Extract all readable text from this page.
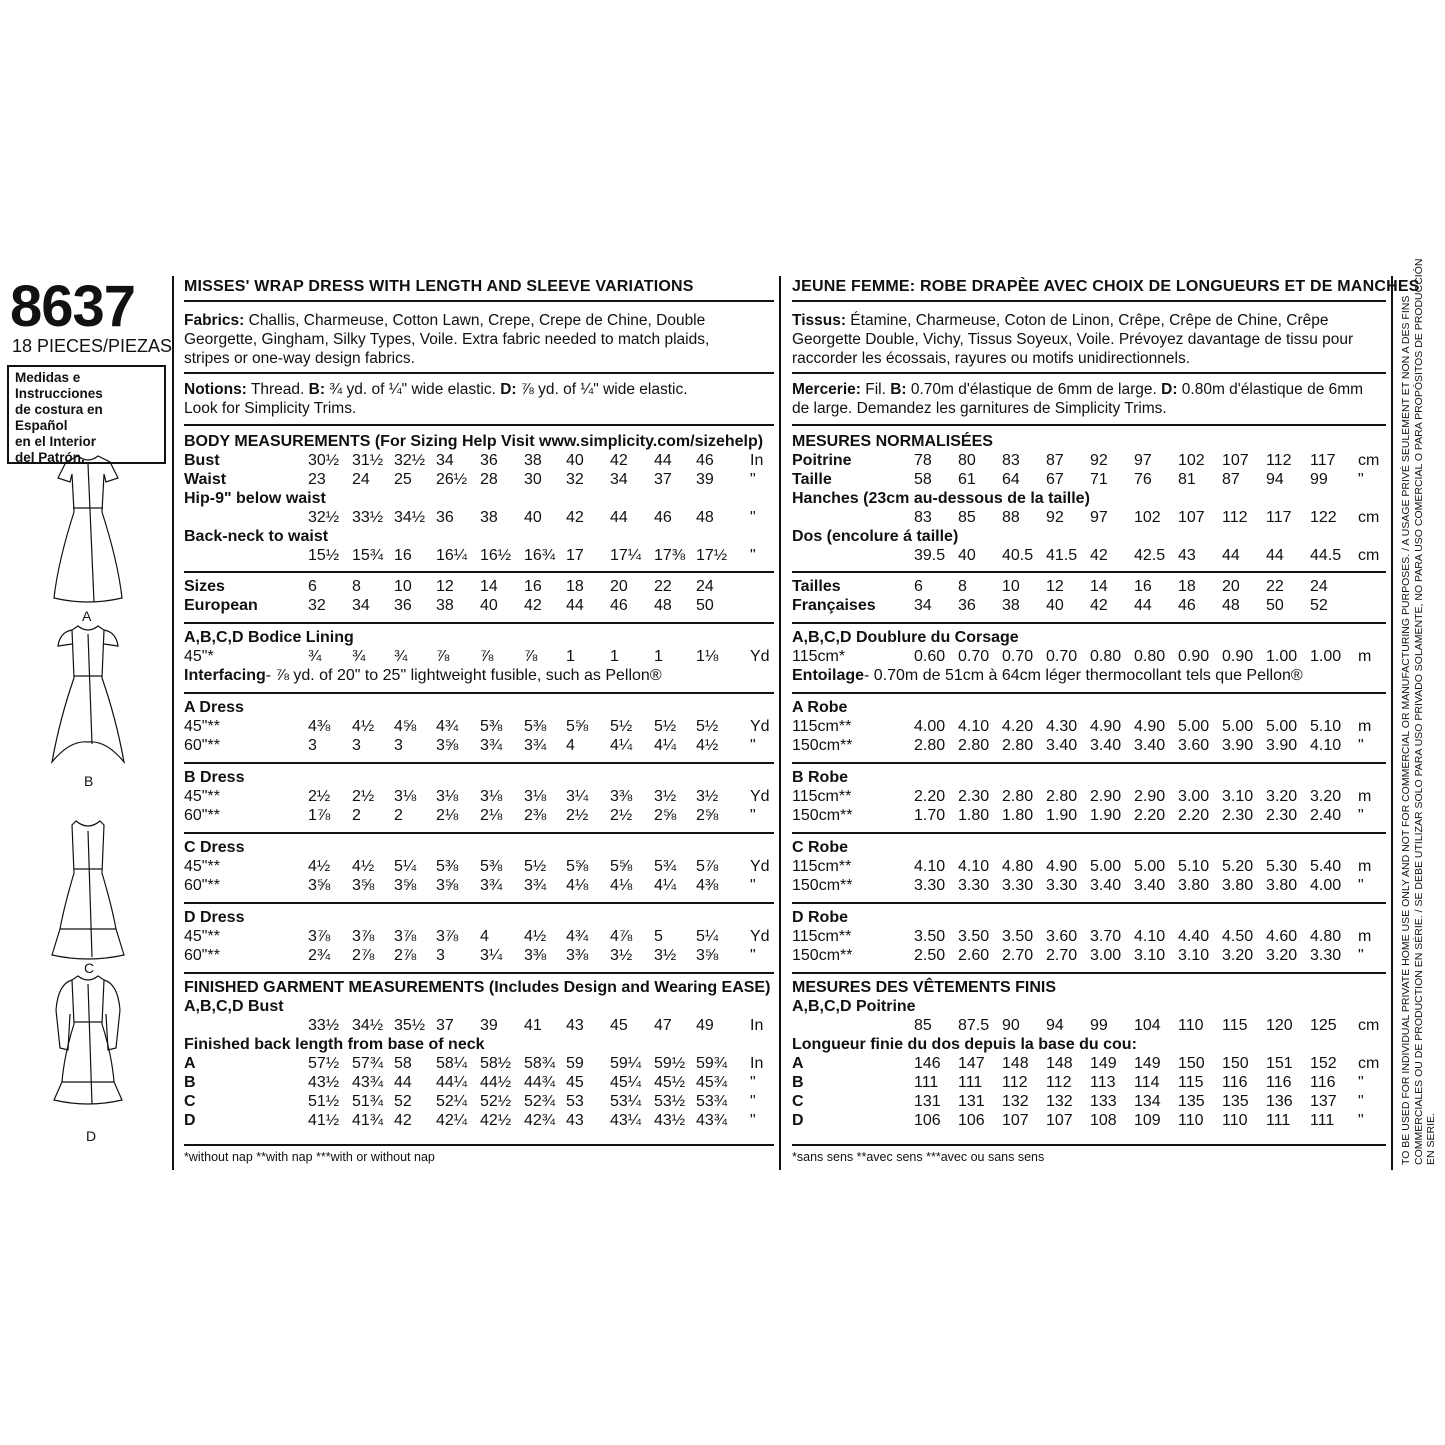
8637
18 PIECES/PIEZAS
Medidas e Instrucciones
de costura en Español
en el Interior
del Patrón.
A
B
C
D
MISSES' WRAP DRESS WITH LENGTH AND SLEEVE VARIATIONS
Fabrics: Challis, Charmeuse, Cotton Lawn, Crepe, Crepe de Chine, Double
Georgette, Gingham, Silky Types, Voile. Extra fabric needed to match plaids,
stripes or one-way design fabrics.
Notions: Thread. B: ¾ yd. of ¼" wide elastic. D: ⅞ yd. of ¼" wide elastic.
Look for Simplicity Trims.
BODY MEASUREMENTS (For Sizing Help Visit www.simplicity.com/sizehelp)
Bust	30½ 31½ 32½ 34 36 38 40 42 44 46 In
Waist	23 24 25 26½ 28 30 32 34 37 39 "
Hip-9" below waist
32½ 33½ 34½ 36 38 40 42 44 46 48 "
Back-neck to waist
15½ 15¾ 16 16¼ 16½ 16¾ 17 17¼ 17⅜ 17½ "
Sizes	6 8 10 12 14 16 18 20 22 24
European	32 34 36 38 40 42 44 46 48 50
A,B,C,D Bodice Lining
45"*	¾ ¾ ¾ ⅞ ⅞ ⅞ 1 1 1 1⅛ Yd
Interfacing- ⅞ yd. of 20" to 25" lightweight fusible, such as Pellon®
A Dress
45"**	4⅜ 4½ 4⅝ 4¾ 5⅜ 5⅜ 5⅝ 5½ 5½ 5½ Yd
60"**	3 3 3 3⅝ 3¾ 3¾ 4 4¼ 4¼ 4½ "
B Dress
45"**	2½ 2½ 3⅛ 3⅛ 3⅛ 3⅛ 3¼ 3⅜ 3½ 3½ Yd
60"**	1⅞ 2 2 2⅛ 2⅛ 2⅜ 2½ 2½ 2⅝ 2⅝ "
C Dress
45"**	4½ 4½ 5¼ 5⅜ 5⅜ 5½ 5⅝ 5⅝ 5¾ 5⅞ Yd
60"**	3⅝ 3⅝ 3⅝ 3⅝ 3¾ 3¾ 4⅛ 4⅛ 4¼ 4⅜ "
D Dress
45"**	3⅞ 3⅞ 3⅞ 3⅞ 4 4½ 4¾ 4⅞ 5 5¼ Yd
60"**	2¾ 2⅞ 2⅞ 3 3¼ 3⅜ 3⅜ 3½ 3½ 3⅝ "
FINISHED GARMENT MEASUREMENTS (Includes Design and Wearing EASE)
A,B,C,D Bust
33½ 34½ 35½ 37 39 41 43 45 47 49 In
Finished back length from base of neck
A	57½ 57¾ 58 58¼ 58½ 58¾ 59 59¼ 59½ 59¾ In
B	43½ 43¾ 44 44¼ 44½ 44¾ 45 45¼ 45½ 45¾ "
C	51½ 51¾ 52 52¼ 52½ 52¾ 53 53¼ 53½ 53¾ "
D	41½ 41¾ 42 42¼ 42½ 42¾ 43 43¼ 43½ 43¾ "
*without nap **with nap ***with or without nap
JEUNE FEMME: ROBE DRAPÈE AVEC CHOIX DE LONGUEURS ET DE MANCHES
Tissus: Étamine, Charmeuse, Coton de Linon, Crêpe, Crêpe de Chine, Crêpe
Georgette Double, Vichy, Tissus Soyeux, Voile. Prévoyez davantage de tissu pour
raccorder les écossais, rayures ou motifs unidirectionnels.
Mercerie: Fil. B: 0.70m d'élastique de 6mm de large. D: 0.80m d'élastique de 6mm
de large. Demandez les garnitures de Simplicity Trims.
MESURES NORMALISÉES
Poitrine	78 80 83 87 92 97 102 107 112 117 cm
Taille	58 61 64 67 71 76 81 87 94 99 "
Hanches (23cm au-dessous de la taille)
83 85 88 92 97 102 107 112 117 122 cm
Dos (encolure á taille)
39.5 40 40.5 41.5 42 42.5 43 44 44 44.5 cm
Tailles	6 8 10 12 14 16 18 20 22 24
Françaises 34 36 38 40 42 44 46 48 50 52
A,B,C,D Doublure du Corsage
115cm*	0.60 0.70 0.70 0.70 0.80 0.80 0.90 0.90 1.00 1.00 m
Entoilage- 0.70m de 51cm à 64cm léger thermocollant tels que Pellon®
A Robe
115cm**	4.00 4.10 4.20 4.30 4.90 4.90 5.00 5.00 5.00 5.10 m
150cm**	2.80 2.80 2.80 3.40 3.40 3.40 3.60 3.90 3.90 4.10 "
B Robe
115cm**	2.20 2.30 2.80 2.80 2.90 2.90 3.00 3.10 3.20 3.20 m
150cm**	1.70 1.80 1.80 1.90 1.90 2.20 2.20 2.30 2.30 2.40 "
C Robe
115cm**	4.10 4.10 4.80 4.90 5.00 5.00 5.10 5.20 5.30 5.40 m
150cm**	3.30 3.30 3.30 3.30 3.40 3.40 3.80 3.80 3.80 4.00 "
D Robe
115cm**	3.50 3.50 3.50 3.60 3.70 4.10 4.40 4.50 4.60 4.80 m
150cm**	2.50 2.60 2.70 2.70 3.00 3.10 3.10 3.20 3.20 3.30 "
MESURES DES VÊTEMENTS FINIS
A,B,C,D Poitrine
85 87.5 90 94 99 104 110 115 120 125 cm
Longueur finie du dos depuis la base du cou:
A	146 147 148 148 149 149 150 150 151 152 cm
B	111 111 112 112 113 114 115 116 116 116 "
C	131 131 132 132 133 134 135 135 136 137 "
D	106 106 107 107 108 109 110 110 111 111 "
*sans sens **avec sens ***avec ou sans sens	TO BE USED FOR INDIVIDUAL PRIVATE HOME USE ONLY AND NOT FOR COMMERCIAL OR MANUFACTURING PURPOSES. / A USAGE PRIVÉ SEULEMENT ET NON A DES FINS COMMERCIALES OU DE PRODUCTION EN SÉRIE. / SE DEBE UTILIZAR SOLO PARA USO PRIVADO SOLAMENTE, NO PARA USO COMERCIAL O PARA PROPÓSITOS DE PRODUCCIÓN EN SERIE.
